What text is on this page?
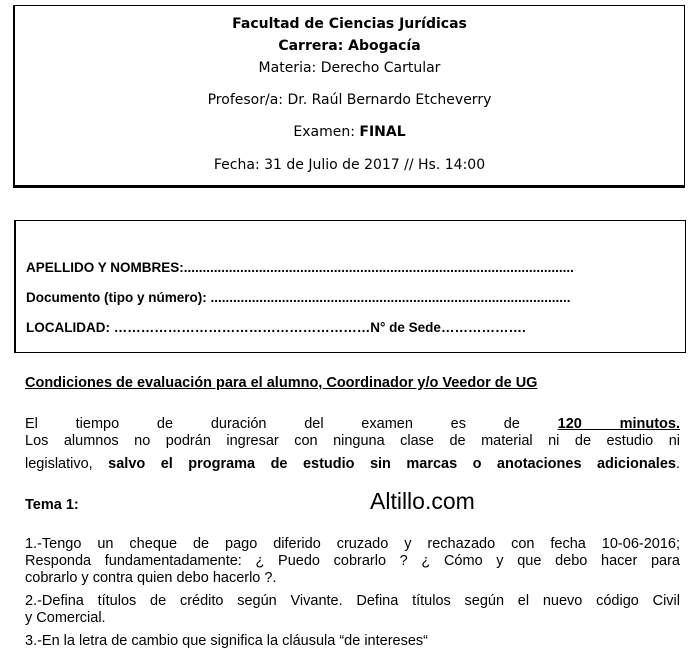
Facultad de Ciencias Jurídicas
Carrera: Abogacía
Materia: Derecho Cartular
Profesor/a: Dr. Raúl Bernardo Etcheverry
Examen: FINAL
Fecha: 31 de Julio de 2017 // Hs. 14:00
APELLIDO Y NOMBRES:........................................................................................................
Documento (tipo y número): ................................................................................................
LOCALIDAD: …………………………………………………N° de Sede……………….
Condiciones de evaluación para el alumno, Coordinador y/o Veedor de UG
El tiempo de duración del examen es de 120 minutos.
Los alumnos no podrán ingresar con ninguna clase de material ni de estudio ni
legislativo, salvo el programa de estudio sin marcas o anotaciones adicionales.
Tema 1:	Altillo.com
1.-Tengo un cheque de pago diferido cruzado y rechazado con fecha 10-06-2016;
Responda fundamentadamente: ¿ Puedo cobrarlo ? ¿ Cómo y que debo hacer para
cobrarlo y contra quien debo hacerlo ?.
2.-Defina títulos de crédito según Vivante. Defina títulos según el nuevo código Civil
y Comercial.
3.-En la letra de cambio que significa la cláusula “de intereses“
